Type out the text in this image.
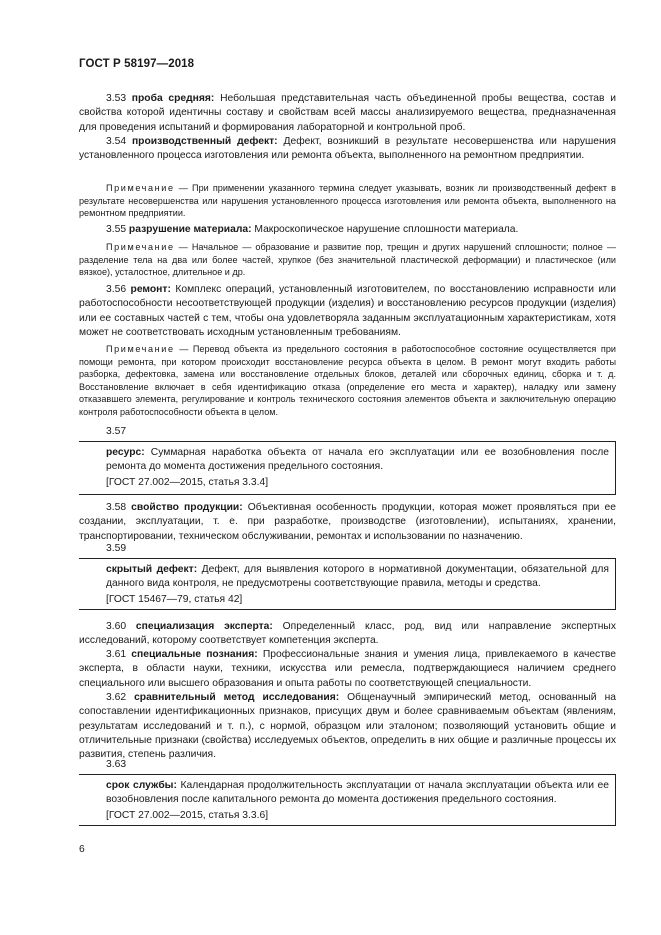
ГОСТ Р 58197—2018
3.53 проба средняя: Небольшая представительная часть объединенной пробы вещества, состав и свойства которой идентичны составу и свойствам всей массы анализируемого вещества, предназначенная для проведения испытаний и формирования лабораторной и контрольной проб.
3.54 производственный дефект: Дефект, возникший в результате несовершенства или нарушения установленного процесса изготовления или ремонта объекта, выполненного на ремонтном предприятии.
Примечание — При применении указанного термина следует указывать, возник ли производственный дефект в результате несовершенства или нарушения установленного процесса изготовления или ремонта объекта, выполненного на ремонтном предприятии.
3.55 разрушение материала: Макроскопическое нарушение сплошности материала.
Примечание — Начальное — образование и развитие пор, трещин и других нарушений сплошности; полное — разделение тела на два или более частей, хрупкое (без значительной пластической деформации) и пластическое (или вязкое), усталостное, длительное и др.
3.56 ремонт: Комплекс операций, установленный изготовителем, по восстановлению исправности или работоспособности несоответствующей продукции (изделия) и восстановлению ресурсов продукции (изделия) или ее составных частей с тем, чтобы она удовлетворяла заданным эксплуатационным характеристикам, хотя может не соответствовать исходным установленным требованиям.
Примечание — Перевод объекта из предельного состояния в работоспособное состояние осуществляется при помощи ремонта, при котором происходит восстановление ресурса объекта в целом. В ремонт могут входить работы разборка, дефектовка, замена или восстановление отдельных блоков, деталей или сборочных единиц, сборка и т. д. Восстановление включает в себя идентификацию отказа (определение его места и характер), наладку или замену отказавшего элемента, регулирование и контроль технического состояния элементов объекта и заключительную операцию контроля работоспособности объекта в целом.
3.57
ресурс: Суммарная наработка объекта от начала его эксплуатации или ее возобновления после ремонта до момента достижения предельного состояния.
[ГОСТ 27.002—2015, статья 3.3.4]
3.58 свойство продукции: Объективная особенность продукции, которая может проявляться при ее создании, эксплуатации, т. е. при разработке, производстве (изготовлении), испытаниях, хранении, транспортировании, техническом обслуживании, ремонтах и использовании по назначению.
3.59
скрытый дефект: Дефект, для выявления которого в нормативной документации, обязательной для данного вида контроля, не предусмотрены соответствующие правила, методы и средства.
[ГОСТ 15467—79, статья 42]
3.60 специализация эксперта: Определенный класс, род, вид или направление экспертных исследований, которому соответствует компетенция эксперта.
3.61 специальные познания: Профессиональные знания и умения лица, привлекаемого в качестве эксперта, в области науки, техники, искусства или ремесла, подтверждающиеся наличием среднего специального или высшего образования и опыта работы по соответствующей специальности.
3.62 сравнительный метод исследования: Общенаучный эмпирический метод, основанный на сопоставлении идентификационных признаков, присущих двум и более сравниваемым объектам (явлениям, результатам исследований и т. п.), с нормой, образцом или эталоном; позволяющий установить общие и отличительные признаки (свойства) исследуемых объектов, определить в них общие и различные процессы их развития, степень различия.
3.63
срок службы: Календарная продолжительность эксплуатации от начала эксплуатации объекта или ее возобновления после капитального ремонта до момента достижения предельного состояния.
[ГОСТ 27.002—2015, статья 3.3.6]
6
